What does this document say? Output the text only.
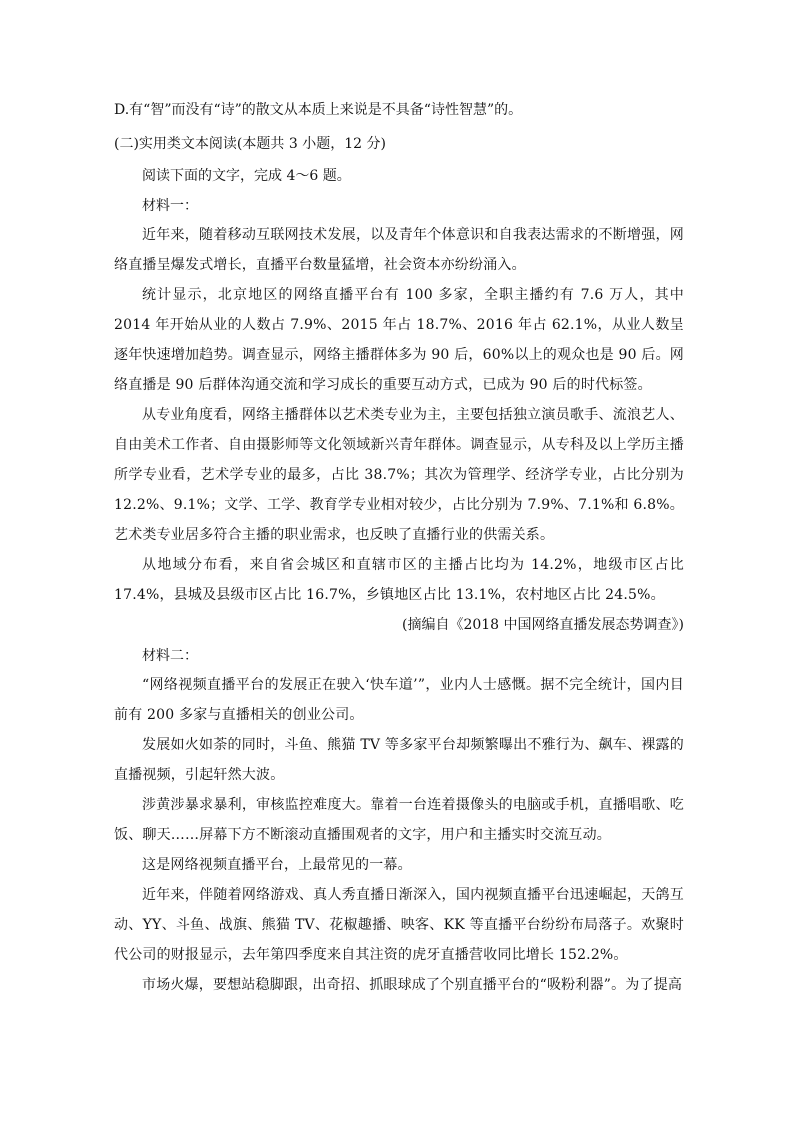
D.有“智”而没有“诗”的散文从本质上来说是不具备“诗性智慧”的。

(二)实用类文本阅读(本题共 3 小题，12 分)

阅读下面的文字，完成 4～6 题。

材料一：

近年来，随着移动互联网技术发展，以及青年个体意识和自我表达需求的不断增强，网络直播呈爆发式增长，直播平台数量猛增，社会资本亦纷纷涌入。

统计显示，北京地区的网络直播平台有 100 多家，全职主播约有 7.6 万人，其中 2014 年开始从业的人数占 7.9%、2015 年占 18.7%、2016 年占 62.1%，从业人数呈逐年快速增加趋势。调查显示，网络主播群体多为 90 后，60%以上的观众也是 90 后。网络直播是 90 后群体沟通交流和学习成长的重要互动方式，已成为 90 后的时代标签。

从专业角度看，网络主播群体以艺术类专业为主，主要包括独立演员歌手、流浪艺人、自由美术工作者、自由摄影师等文化领域新兴青年群体。调查显示，从专科及以上学历主播所学专业看，艺术学专业的最多，占比 38.7%；其次为管理学、经济学专业，占比分别为 12.2%、9.1%；文学、工学、教育学专业相对较少，占比分别为 7.9%、7.1%和 6.8%。艺术类专业居多符合主播的职业需求，也反映了直播行业的供需关系。

从地域分布看，来自省会城区和直辖市区的主播占比均为 14.2%，地级市区占比 17.4%，县城及县级市区占比 16.7%，乡镇地区占比 13.1%，农村地区占比 24.5%。

(摘编自《2018 中国网络直播发展态势调查》)

材料二：

“网络视频直播平台的发展正在驶入‘快车道’”，业内人士感慨。据不完全统计，国内目前有 200 多家与直播相关的创业公司。

发展如火如荼的同时，斗鱼、熊猫 TV 等多家平台却频繁曝出不雅行为、飙车、裸露的直播视频，引起轩然大波。

涉黄涉暴求暴利，审核监控难度大。靠着一台连着摄像头的电脑或手机，直播唱歌、吃饭、聊天……屏幕下方不断滚动直播围观者的文字，用户和主播实时交流互动。

这是网络视频直播平台，上最常见的一幕。

近年来，伴随着网络游戏、真人秀直播日渐深入，国内视频直播平台迅速崛起，天鸽互动、YY、斗鱼、战旗、熊猫 TV、花椒趣播、映客、KK 等直播平台纷纷布局落子。欢聚时代公司的财报显示，去年第四季度来自其注资的虎牙直播营收同比增长 152.2%。

市场火爆，要想站稳脚跟，出奇招、抓眼球成了个别直播平台的“吸粉利器”。为了提高
